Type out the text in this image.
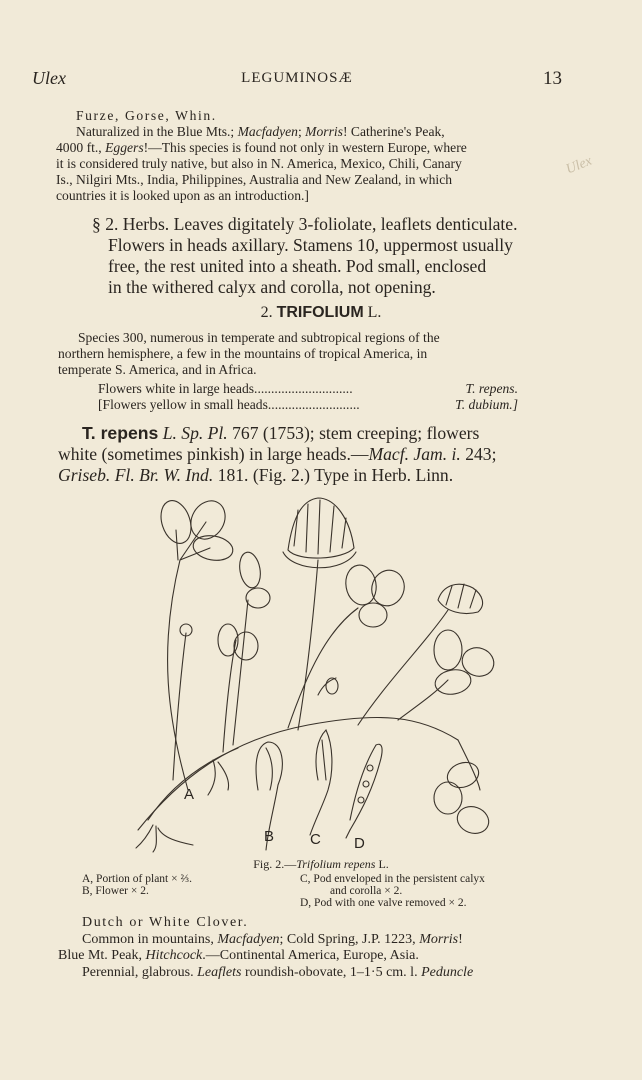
Ulex	LEGUMINOSÆ	13
Furze, Gorse, Whin.
Naturalized in the Blue Mts.; Macfadyen; Morris! Catherine's Peak,
4000 ft., Eggers!—This species is found not only in western Europe, where
it is considered truly native, but also in N. America, Mexico, Chili, Canary
Is., Nilgiri Mts., India, Philippines, Australia and New Zealand, in which
countries it is looked upon as an introduction.]
Ulex
§ 2. Herbs. Leaves digitately 3-foliolate, leaflets denticulate.
Flowers in heads axillary. Stamens 10, uppermost usually
free, the rest united into a sheath. Pod small, enclosed
in the withered calyx and corolla, not opening.
2. TRIFOLIUM L.
Species 300, numerous in temperate and subtropical regions of the
northern hemisphere, a few in the mountains of tropical America, in
temperate S. America, and in Africa.
Flowers white in large heads.............................	T. repens.
[Flowers yellow in small heads...........................	T. dubium.]
T. repens L. Sp. Pl. 767 (1753); stem creeping; flowers
white (sometimes pinkish) in large heads.—Macf. Jam. i. 243;
Griseb. Fl. Br. W. Ind. 181. (Fig. 2.) Type in Herb. Linn.
A
B C D
Fig. 2.—Trifolium repens L.
A, Portion of plant × ⅔.
B, Flower × 2.
C, Pod enveloped in the persistent calyx
and corolla × 2.
D, Pod with one valve removed × 2.
Dutch or White Clover.
Common in mountains, Macfadyen; Cold Spring, J.P. 1223, Morris!
Blue Mt. Peak, Hitchcock.—Continental America, Europe, Asia.
Perennial, glabrous. Leaflets roundish-obovate, 1–1·5 cm. l. Peduncle
